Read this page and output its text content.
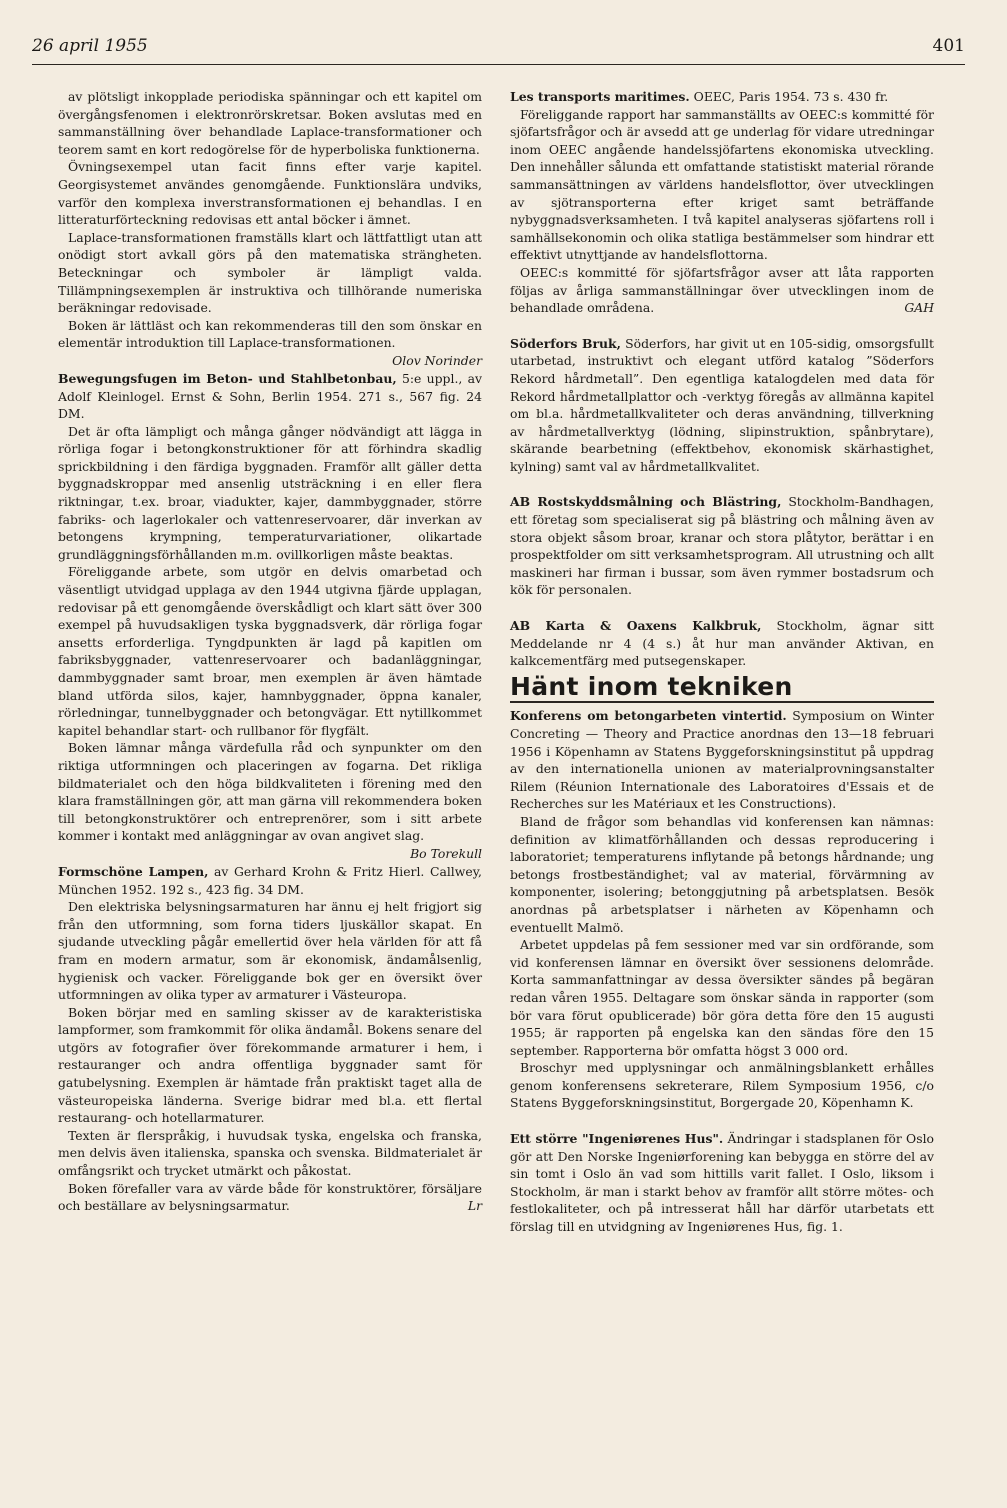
26 april 1955	401

av plötsligt inkopplade periodiska spänningar och ett kapitel om övergångsfenomen i elektronrörskretsar. Boken avslutas med en sammanställning över behandlade Laplace-transformationer och teorem samt en kort redogörelse för de hyperboliska funktionerna.

Övningsexempel utan facit finns efter varje kapitel. Georgisystemet användes genomgående. Funktionslära undviks, varför den komplexa inverstransformationen ej behandlas. I en litteraturförteckning redovisas ett antal böcker i ämnet.

Laplace-transformationen framställs klart och lättfattligt utan att onödigt stort avkall görs på den matematiska strängheten. Beteckningar och symboler är lämpligt valda. Tillämpningsexemplen är instruktiva och tillhörande numeriska beräkningar redovisade.

Boken är lättläst och kan rekommenderas till den som önskar en elementär introduktion till Laplace-transformationen.
Olov Norinder

Bewegungsfugen im Beton- und Stahlbetonbau, 5:e uppl., av Adolf Kleinlogel. Ernst & Sohn, Berlin 1954. 271 s., 567 fig. 24 DM.

Det är ofta lämpligt och många gånger nödvändigt att lägga in rörliga fogar i betongkonstruktioner för att förhindra skadlig sprickbildning i den färdiga byggnaden. Framför allt gäller detta byggnadskroppar med ansenlig utsträckning i en eller flera riktningar, t.ex. broar, viadukter, kajer, dammbyggnader, större fabriks- och lagerlokaler och vattenreservoarer, där inverkan av betongens krympning, temperaturvariationer, olikartade grundläggningsförhållanden m.m. ovillkorligen måste beaktas.

Föreliggande arbete, som utgör en delvis omarbetad och väsentligt utvidgad upplaga av den 1944 utgivna fjärde upplagan, redovisar på ett genomgående överskådligt och klart sätt över 300 exempel på huvudsakligen tyska byggnadsverk, där rörliga fogar ansetts erforderliga. Tyngdpunkten är lagd på kapitlen om fabriksbyggnader, vattenreservoarer och badanläggningar, dammbyggnader samt broar, men exemplen är även hämtade bland utförda silos, kajer, hamnbyggnader, öppna kanaler, rörledningar, tunnelbyggnader och betongvägar. Ett nytillkommet kapitel behandlar start- och rullbanor för flygfält.

Boken lämnar många värdefulla råd och synpunkter om den riktiga utformningen och placeringen av fogarna. Det rikliga bildmaterialet och den höga bildkvaliteten i förening med den klara framställningen gör, att man gärna vill rekommendera boken till betongkonstruktörer och entreprenörer, som i sitt arbete kommer i kontakt med anläggningar av ovan angivet slag.
Bo Torekull

Formschöne Lampen, av Gerhard Krohn & Fritz Hierl. Callwey, München 1952. 192 s., 423 fig. 34 DM.

Den elektriska belysningsarmaturen har ännu ej helt frigjort sig från den utformning, som forna tiders ljuskällor skapat. En sjudande utveckling pågår emellertid över hela världen för att få fram en modern armatur, som är ekonomisk, ändamålsenlig, hygienisk och vacker. Föreliggande bok ger en översikt över utformningen av olika typer av armaturer i Västeuropa.

Boken börjar med en samling skisser av de karakteristiska lampformer, som framkommit för olika ändamål. Bokens senare del utgörs av fotografier över förekommande armaturer i hem, i restauranger och andra offentliga byggnader samt för gatubelysning. Exemplen är hämtade från praktiskt taget alla de västeuropeiska länderna. Sverige bidrar med bl.a. ett flertal restaurang- och hotellarmaturer.

Texten är flerspråkig, i huvudsak tyska, engelska och franska, men delvis även italienska, spanska och svenska. Bildmaterialet är omfångsrikt och trycket utmärkt och påkostat.

Boken förefaller vara av värde både för konstruktörer, försäljare och beställare av belysningsarmatur.	Lr

Les transports maritimes. OEEC, Paris 1954. 73 s. 430 fr.

Föreliggande rapport har sammanställts av OEEC:s kommitté för sjöfartsfrågor och är avsedd att ge underlag för vidare utredningar inom OEEC angående handelssjöfartens ekonomiska utveckling. Den innehåller sålunda ett omfattande statistiskt material rörande sammansättningen av världens handelsflottor, över utvecklingen av sjötransporterna efter kriget samt beträffande nybyggnadsverksamheten. I två kapitel analyseras sjöfartens roll i samhällsekonomin och olika statliga bestämmelser som hindrar ett effektivt utnyttjande av handelsflottorna.

OEEC:s kommitté för sjöfartsfrågor avser att låta rapporten följas av årliga sammanställningar över utvecklingen inom de behandlade områdena.	GAH

Söderfors Bruk, Söderfors, har givit ut en 105-sidig, omsorgsfullt utarbetad, instruktivt och elegant utförd katalog ”Söderfors Rekord hårdmetall”. Den egentliga katalogdelen med data för Rekord hårdmetallplattor och -verktyg föregås av allmänna kapitel om bl.a. hårdmetallkvaliteter och deras användning, tillverkning av hårdmetallverktyg (lödning, slipinstruktion, spånbrytare), skärande bearbetning (effektbehov, ekonomisk skärhastighet, kylning) samt val av hårdmetallkvalitet.

AB Rostskyddsmålning och Blästring, Stockholm-Bandhagen, ett företag som specialiserat sig på blästring och målning även av stora objekt såsom broar, kranar och stora plåtytor, berättar i en prospektfolder om sitt verksamhetsprogram. All utrustning och allt maskineri har firman i bussar, som även rymmer bostadsrum och kök för personalen.

AB Karta & Oaxens Kalkbruk, Stockholm, ägnar sitt Meddelande nr 4 (4 s.) åt hur man använder Aktivan, en kalkcementfärg med putsegenskaper.

Hänt inom tekniken

Konferens om betongarbeten vintertid. Symposium on Winter Concreting — Theory and Practice anordnas den 13—18 februari 1956 i Köpenhamn av Statens Byggeforskningsinstitut på uppdrag av den internationella unionen av materialprovningsanstalter Rilem (Réunion Internationale des Laboratoires d'Essais et de Recherches sur les Matériaux et les Constructions).

Bland de frågor som behandlas vid konferensen kan nämnas: definition av klimatförhållanden och dessas reproducering i laboratoriet; temperaturens inflytande på betongs hårdnande; ung betongs frostbeständighet; val av material, förvärmning av komponenter, isolering; betonggjutning på arbetsplatsen. Besök anordnas på arbetsplatser i närheten av Köpenhamn och eventuellt Malmö.

Arbetet uppdelas på fem sessioner med var sin ordförande, som vid konferensen lämnar en översikt över sessionens delområde. Korta sammanfattningar av dessa översikter sändes på begäran redan våren 1955. Deltagare som önskar sända in rapporter (som bör vara förut opublicerade) bör göra detta före den 15 augusti 1955; är rapporten på engelska kan den sändas före den 15 september. Rapporterna bör omfatta högst 3 000 ord.

Broschyr med upplysningar och anmälningsblankett erhålles genom konferensens sekreterare, Rilem Symposium 1956, c/o Statens Byggeforskningsinstitut, Borgergade 20, Köpenhamn K.

Ett större "Ingeniørenes Hus". Ändringar i stadsplanen för Oslo gör att Den Norske Ingeniørforening kan bebygga en större del av sin tomt i Oslo än vad som hittills varit fallet. I Oslo, liksom i Stockholm, är man i starkt behov av framför allt större mötes- och festlokaliteter, och på intresserat håll har därför utarbetats ett förslag till en utvidgning av Ingeniørenes Hus, fig. 1.
